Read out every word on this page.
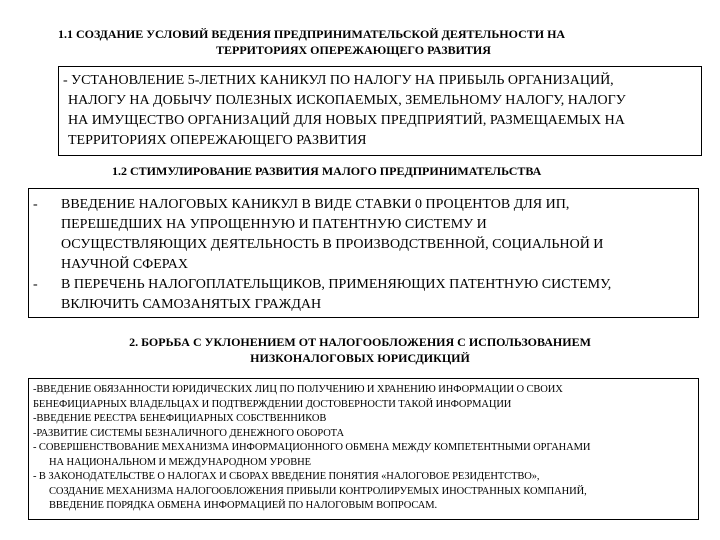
1.1 СОЗДАНИЕ УСЛОВИЙ ВЕДЕНИЯ ПРЕДПРИНИМАТЕЛЬСКОЙ ДЕЯТЕЛЬНОСТИ НА
ТЕРРИТОРИЯХ ОПЕРЕЖАЮЩЕГО РАЗВИТИЯ
- УСТАНОВЛЕНИЕ 5-ЛЕТНИХ КАНИКУЛ ПО НАЛОГУ НА ПРИБЫЛЬ ОРГАНИЗАЦИЙ,
НАЛОГУ НА ДОБЫЧУ ПОЛЕЗНЫХ ИСКОПАЕМЫХ, ЗЕМЕЛЬНОМУ НАЛОГУ, НАЛОГУ
НА ИМУЩЕСТВО ОРГАНИЗАЦИЙ ДЛЯ НОВЫХ ПРЕДПРИЯТИЙ, РАЗМЕЩАЕМЫХ НА
ТЕРРИТОРИЯХ ОПЕРЕЖАЮЩЕГО РАЗВИТИЯ
1.2 СТИМУЛИРОВАНИЕ РАЗВИТИЯ МАЛОГО ПРЕДПРИНИМАТЕЛЬСТВА
-	ВВЕДЕНИЕ НАЛОГОВЫХ КАНИКУЛ В ВИДЕ СТАВКИ 0 ПРОЦЕНТОВ ДЛЯ ИП,
ПЕРЕШЕДШИХ НА УПРОЩЕННУЮ И ПАТЕНТНУЮ СИСТЕМУ И
ОСУЩЕСТВЛЯЮЩИХ ДЕЯТЕЛЬНОСТЬ В ПРОИЗВОДСТВЕННОЙ, СОЦИАЛЬНОЙ И
НАУЧНОЙ СФЕРАХ
-	В ПЕРЕЧЕНЬ НАЛОГОПЛАТЕЛЬЩИКОВ, ПРИМЕНЯЮЩИХ ПАТЕНТНУЮ СИСТЕМУ,
ВКЛЮЧИТЬ САМОЗАНЯТЫХ ГРАЖДАН
2. БОРЬБА С УКЛОНЕНИЕМ ОТ НАЛОГООБЛОЖЕНИЯ С ИСПОЛЬЗОВАНИЕМ
НИЗКОНАЛОГОВЫХ ЮРИСДИКЦИЙ
-ВВЕДЕНИЕ ОБЯЗАННОСТИ ЮРИДИЧЕСКИХ ЛИЦ ПО ПОЛУЧЕНИЮ И ХРАНЕНИЮ ИНФОРМАЦИИ О СВОИХ
БЕНЕФИЦИАРНЫХ ВЛАДЕЛЬЦАХ И ПОДТВЕРЖДЕНИИ ДОСТОВЕРНОСТИ ТАКОЙ ИНФОРМАЦИИ
-ВВЕДЕНИЕ РЕЕСТРА БЕНЕФИЦИАРНЫХ СОБСТВЕННИКОВ
-РАЗВИТИЕ СИСТЕМЫ БЕЗНАЛИЧНОГО ДЕНЕЖНОГО ОБОРОТА
- СОВЕРШЕНСТВОВАНИЕ МЕХАНИЗМА ИНФОРМАЦИОННОГО ОБМЕНА МЕЖДУ КОМПЕТЕНТНЫМИ ОРГАНАМИ
НА НАЦИОНАЛЬНОМ И МЕЖДУНАРОДНОМ УРОВНЕ
- В ЗАКОНОДАТЕЛЬСТВЕ О НАЛОГАХ И СБОРАХ ВВЕДЕНИЕ ПОНЯТИЯ «НАЛОГОВОЕ РЕЗИДЕНТСТВО»,
СОЗДАНИЕ МЕХАНИЗМА НАЛОГООБЛОЖЕНИЯ ПРИБЫЛИ КОНТРОЛИРУЕМЫХ ИНОСТРАННЫХ КОМПАНИЙ,
ВВЕДЕНИЕ ПОРЯДКА ОБМЕНА ИНФОРМАЦИЕЙ ПО НАЛОГОВЫМ ВОПРОСАМ.
